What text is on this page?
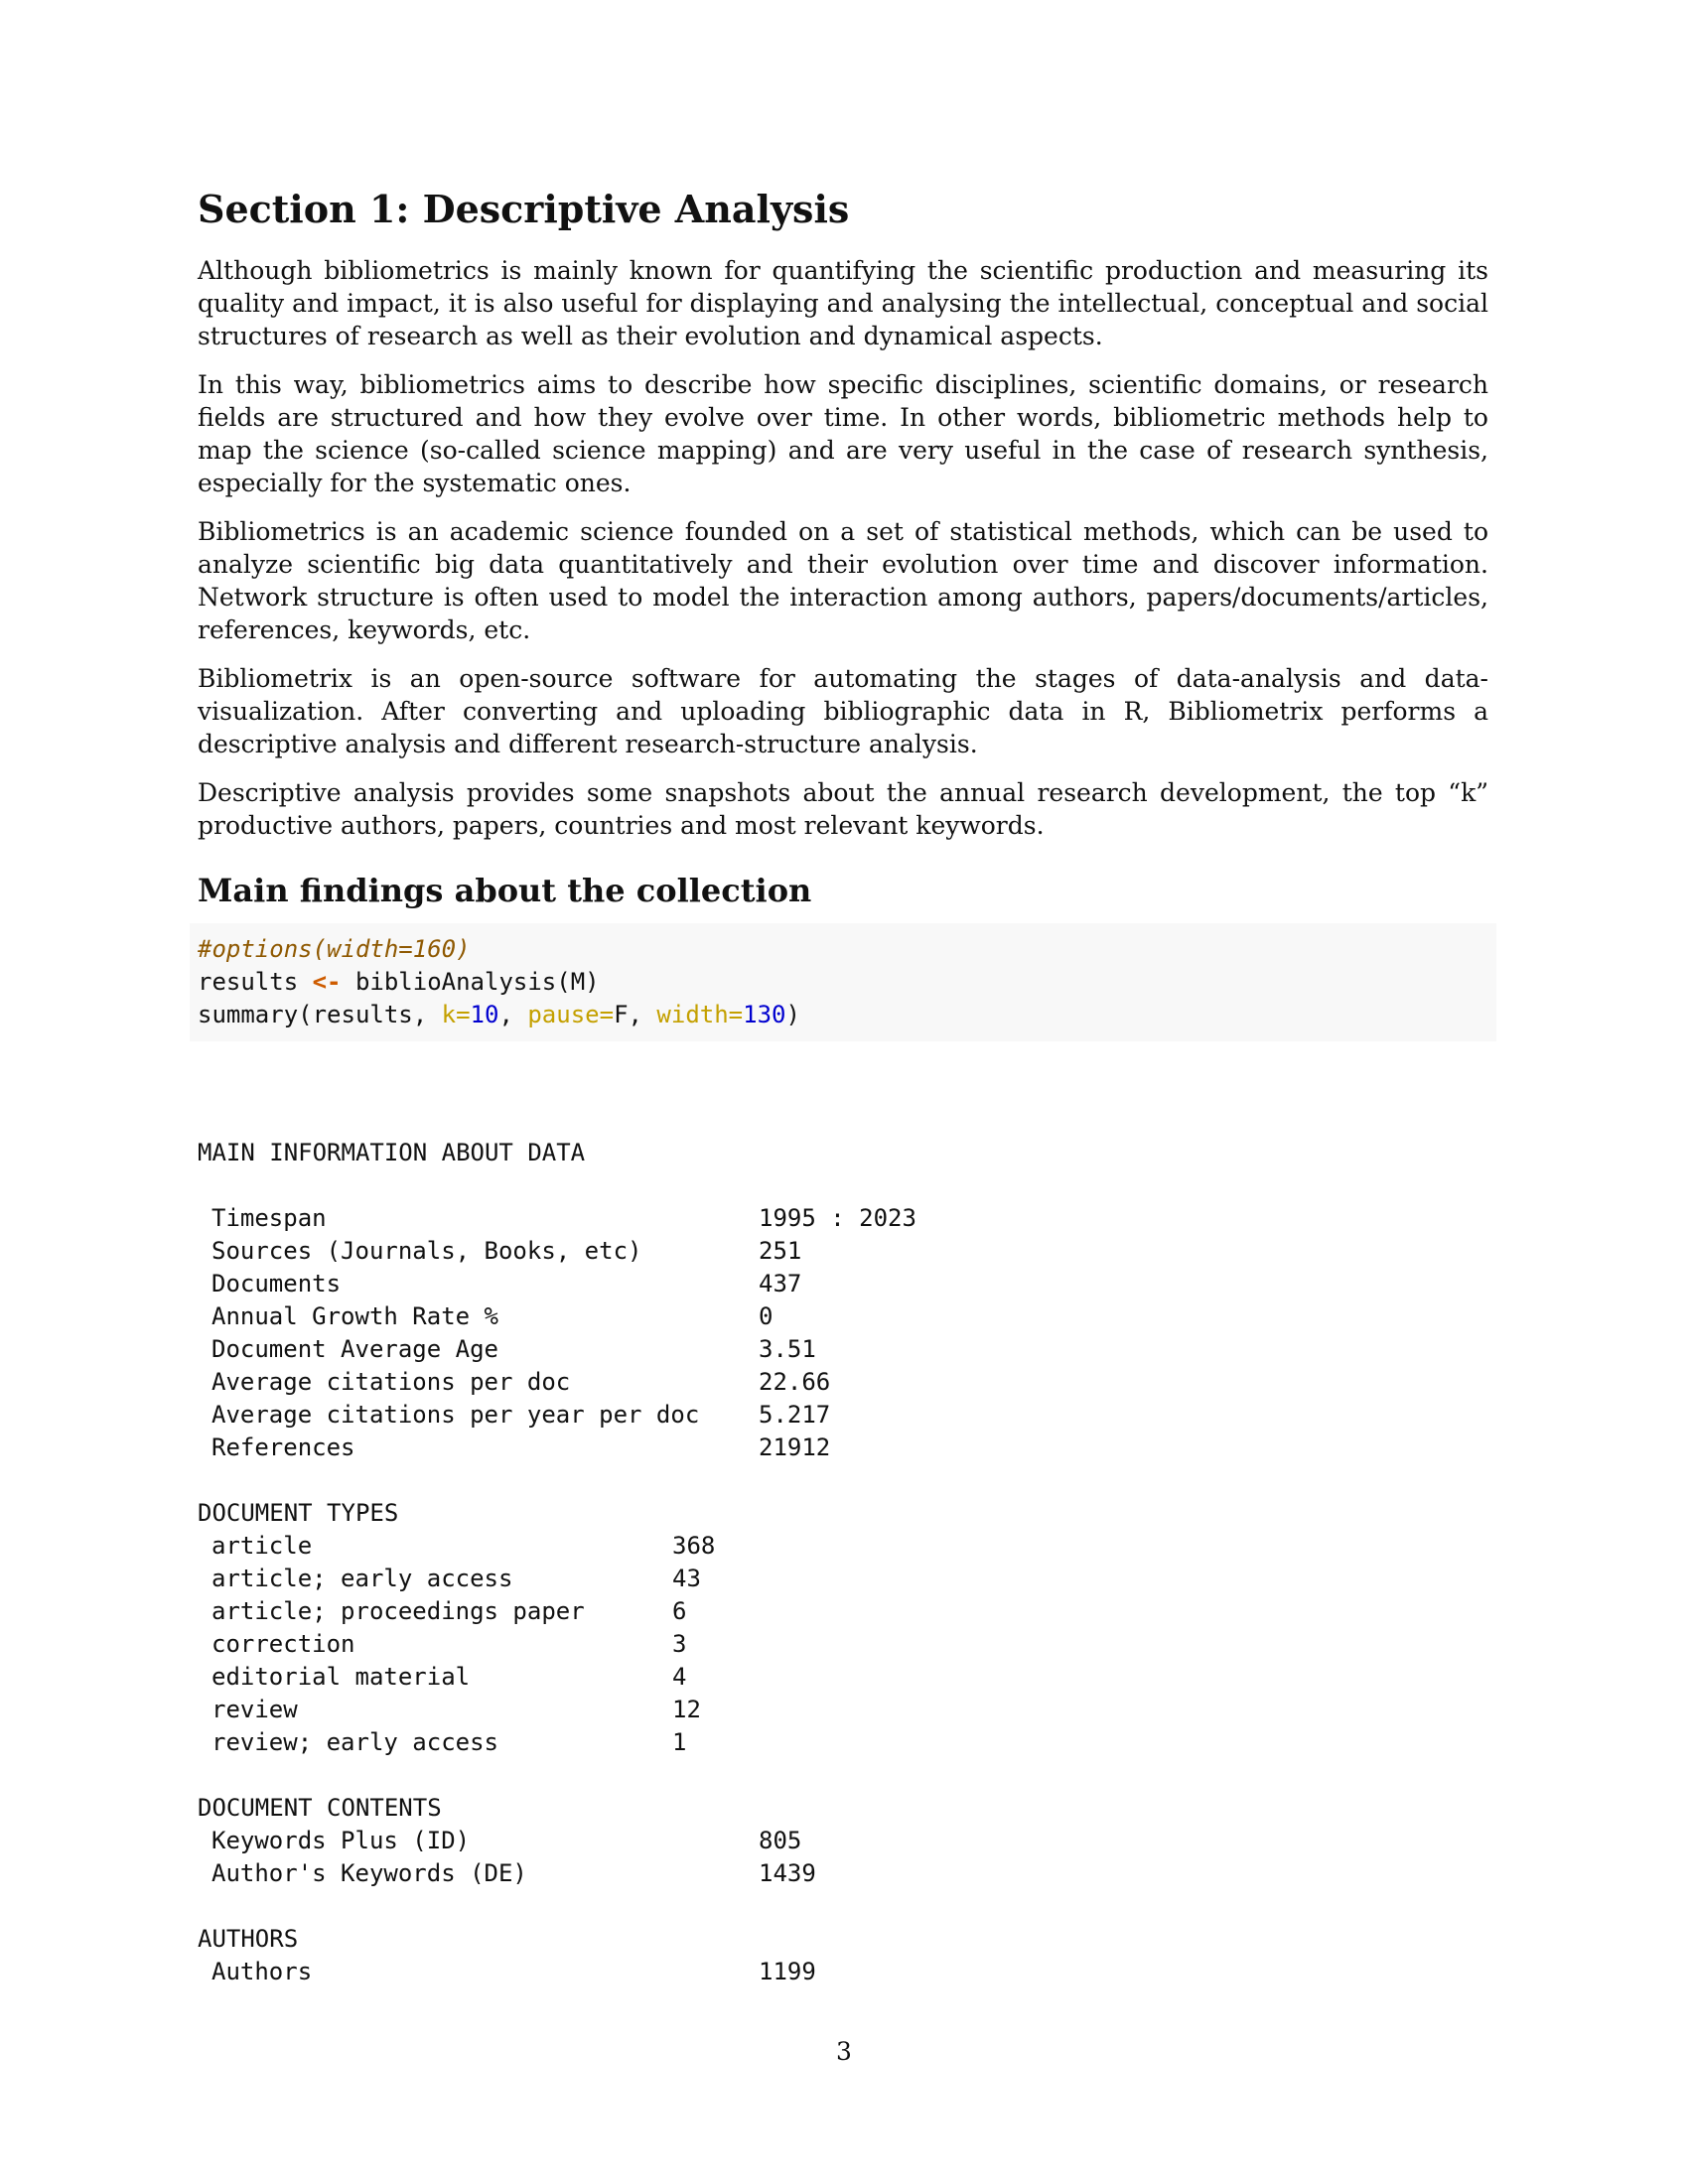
Section 1: Descriptive Analysis

Although bibliometrics is mainly known for quantifying the scientific production and measuring its quality and impact, it is also useful for displaying and analysing the intellectual, conceptual and social structures of research as well as their evolution and dynamical aspects.

In this way, bibliometrics aims to describe how specific disciplines, scientific domains, or research fields are structured and how they evolve over time. In other words, bibliometric methods help to map the science (so-called science mapping) and are very useful in the case of research synthesis, especially for the systematic ones.

Bibliometrics is an academic science founded on a set of statistical methods, which can be used to analyze scientific big data quantitatively and their evolution over time and discover information. Network structure is often used to model the interaction among authors, papers/documents/articles, references, keywords, etc.

Bibliometrix is an open-source software for automating the stages of data-analysis and data-visualization. After converting and uploading bibliographic data in R, Bibliometrix performs a descriptive analysis and different research-structure analysis.

Descriptive analysis provides some snapshots about the annual research development, the top “k” productive authors, papers, countries and most relevant keywords.

Main findings about the collection
#options(width=160)
results <- biblioAnalysis(M)
summary(results, k=10, pause=F, width=130)
MAIN INFORMATION ABOUT DATA
Timespan	1995 : 2023
Sources (Journals, Books, etc)	251
Documents	437
Annual Growth Rate %	0
Document Average Age	3.51
Average citations per doc	22.66
Average citations per year per doc	5.217
References	21912
DOCUMENT TYPES
article	368
article; early access	43
article; proceedings paper	6
correction	3
editorial material	4
review	12
review; early access	1
DOCUMENT CONTENTS
Keywords Plus (ID)	805
Author's Keywords (DE)	1439
AUTHORS
Authors	1199
3
